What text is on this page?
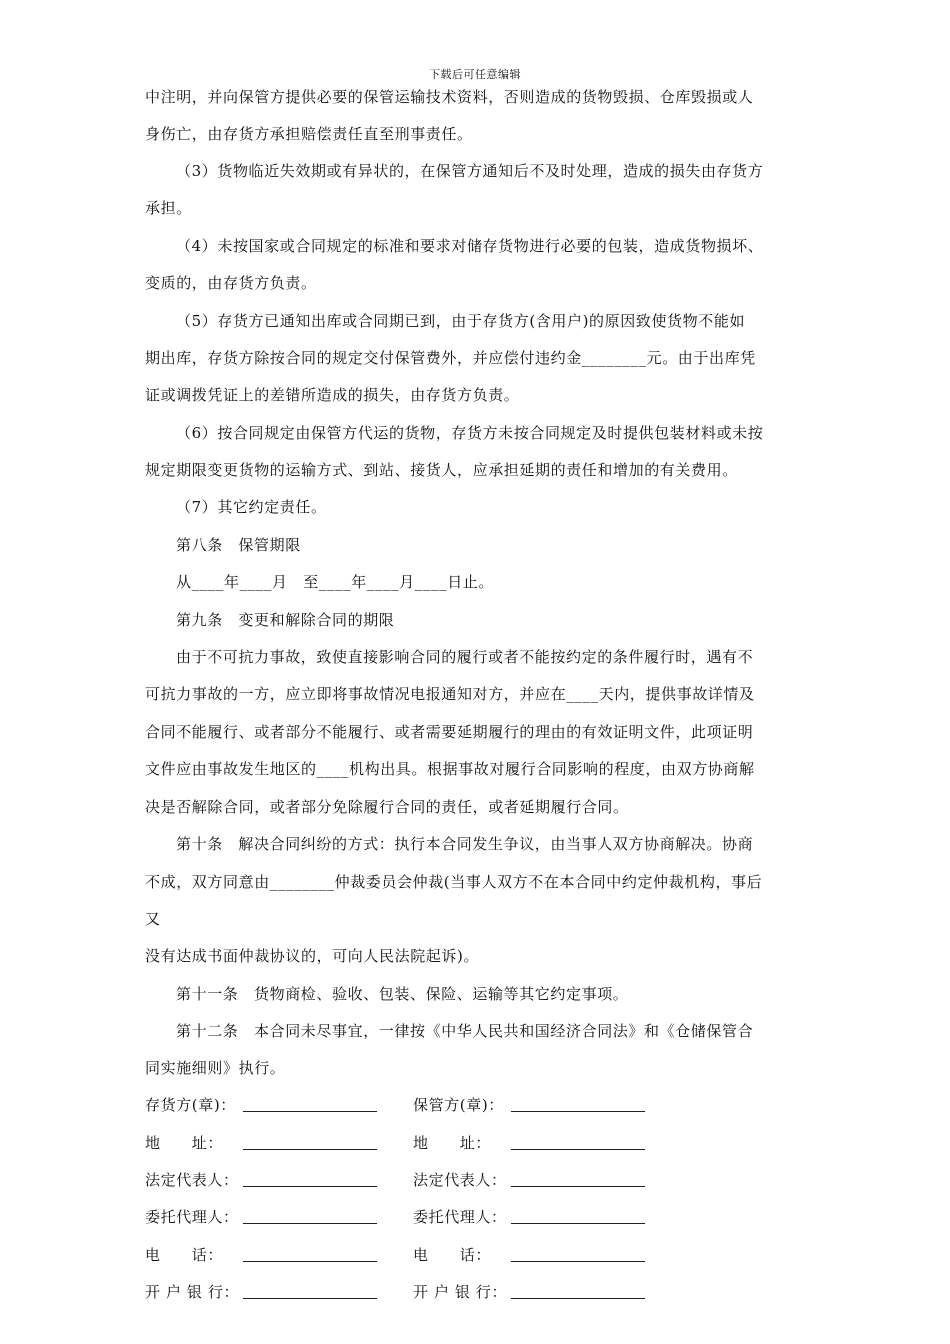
下载后可任意编辑
中注明，并向保管方提供必要的保管运输技术资料，否则造成的货物毁损、仓库毁损或人
身伤亡，由存货方承担赔偿责任直至刑事责任。
（3）货物临近失效期或有异状的，在保管方通知后不及时处理，造成的损失由存货方
承担。
（4）未按国家或合同规定的标准和要求对储存货物进行必要的包装，造成货物损坏、
变质的，由存货方负责。
（5）存货方已通知出库或合同期已到，由于存货方(含用户)的原因致使货物不能如
期出库，存货方除按合同的规定交付保管费外，并应偿付违约金________元。由于出库凭
证或调拨凭证上的差错所造成的损失，由存货方负责。
（6）按合同规定由保管方代运的货物，存货方未按合同规定及时提供包装材料或未按
规定期限变更货物的运输方式、到站、接货人，应承担延期的责任和增加的有关费用。
（7）其它约定责任。
第八条　保管期限
从____年____月　至____年____月____日止。
第九条　变更和解除合同的期限
由于不可抗力事故，致使直接影响合同的履行或者不能按约定的条件履行时，遇有不
可抗力事故的一方，应立即将事故情况电报通知对方，并应在____天内，提供事故详情及
合同不能履行、或者部分不能履行、或者需要延期履行的理由的有效证明文件，此项证明
文件应由事故发生地区的____机构出具。根据事故对履行合同影响的程度，由双方协商解
决是否解除合同，或者部分免除履行合同的责任，或者延期履行合同。
第十条　解决合同纠纷的方式：执行本合同发生争议，由当事人双方协商解决。协商
不成，双方同意由________仲裁委员会仲裁(当事人双方不在本合同中约定仲裁机构，事后
又
没有达成书面仲裁协议的，可向人民法院起诉)。
第十一条　货物商检、验收、包装、保险、运输等其它约定事项。
第十二条　本合同未尽事宜，一律按《中华人民共和国经济合同法》和《仓储保管合
同实施细则》执行。
存货方(章)：	保管方(章)：
地　　址：	地　　址：
法定代表人：	法定代表人：
委托代理人：	委托代理人：
电　　话：	电　　话：
开 户 银 行：	开 户 银 行：
